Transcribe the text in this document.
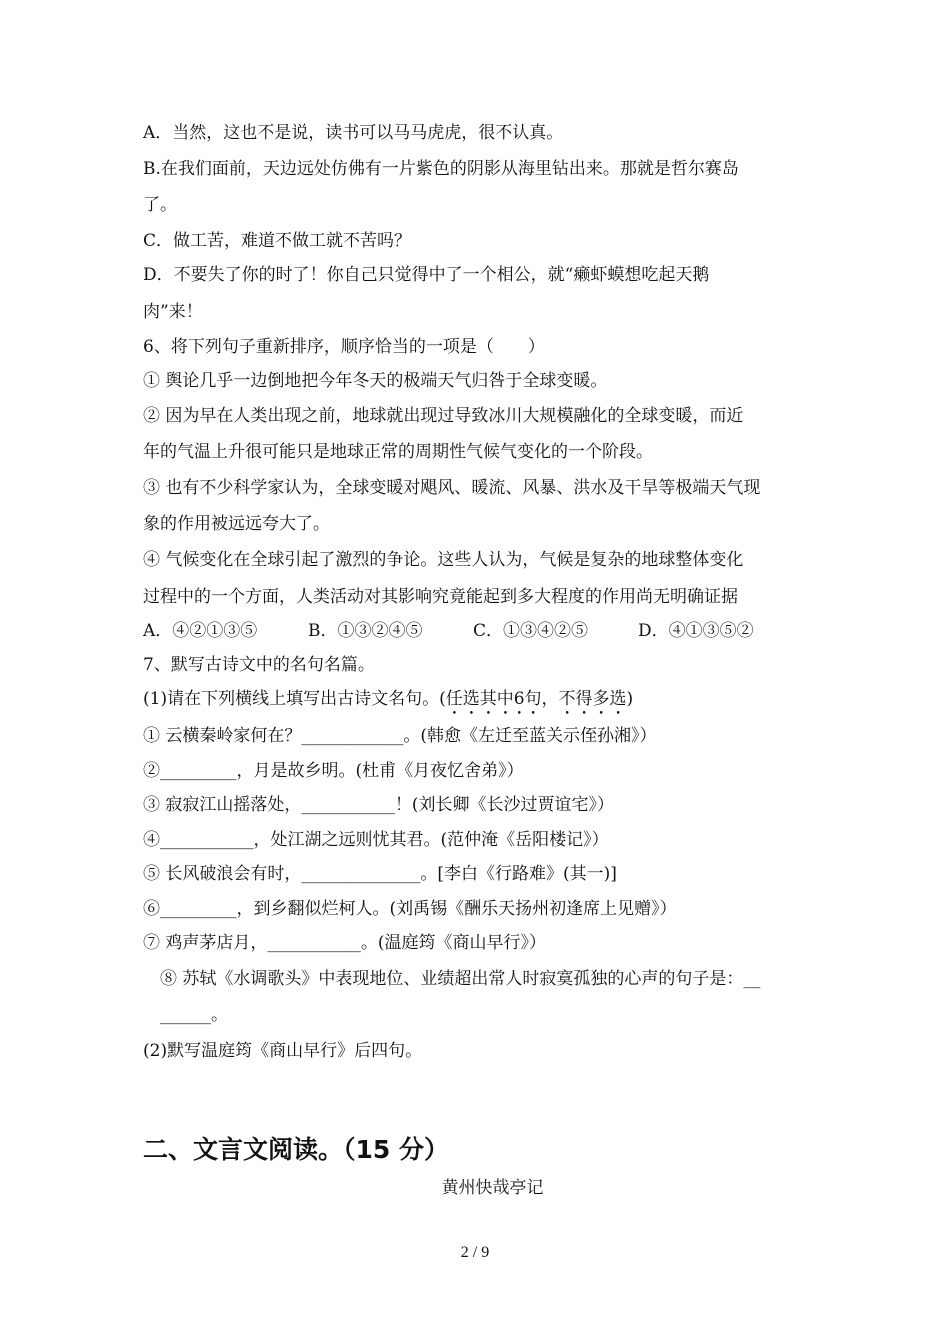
A．当然，这也不是说，读书可以马马虎虎，很不认真。
B.在我们面前，天边远处仿佛有一片紫色的阴影从海里钻出来。那就是哲尔赛岛
了。
C．做工苦，难道不做工就不苦吗？
D．不要失了你的时了！你自己只觉得中了一个相公，就“癞虾蟆想吃起天鹅
肉”来！
6、将下列句子重新排序，顺序恰当的一项是（　　）
① 舆论几乎一边倒地把今年冬天的极端天气归咎于全球变暖。
② 因为早在人类出现之前，地球就出现过导致冰川大规模融化的全球变暖，而近
年的气温上升很可能只是地球正常的周期性气候气变化的一个阶段。
③ 也有不少科学家认为，全球变暖对飓风、暖流、风暴、洪水及干旱等极端天气现
象的作用被远远夸大了。
④ 气候变化在全球引起了激烈的争论。这些人认为，气候是复杂的地球整体变化
过程中的一个方面，人类活动对其影响究竟能起到多大程度的作用尚无明确证据
A．④②①③⑤	B．①③②④⑤	C．①③④②⑤	D．④①③⑤②
7、默写古诗文中的名句名篇。
(1)请在下列横线上填写出古诗文名句。(任选其中6句，不得多选)
① 云横秦岭家何在？____________。(韩愈《左迁至蓝关示侄孙湘》）
②_________，月是故乡明。(杜甫《月夜忆舍弟》）
③ 寂寂江山摇落处，___________！(刘长卿《长沙过贾谊宅》）
④___________，处江湖之远则忧其君。(范仲淹《岳阳楼记》）
⑤ 长风破浪会有时，______________。[李白《行路难》(其一)]
⑥_________，到乡翻似烂柯人。(刘禹锡《酬乐天扬州初逢席上见赠》）
⑦ 鸡声茅店月，___________。(温庭筠《商山早行》）
⑧ 苏轼《水调歌头》中表现地位、业绩超出常人时寂寞孤独的心声的句子是：__
______。
(2)默写温庭筠《商山早行》后四句。
二、文言文阅读。（15 分）
黄州快哉亭记
2 / 9
